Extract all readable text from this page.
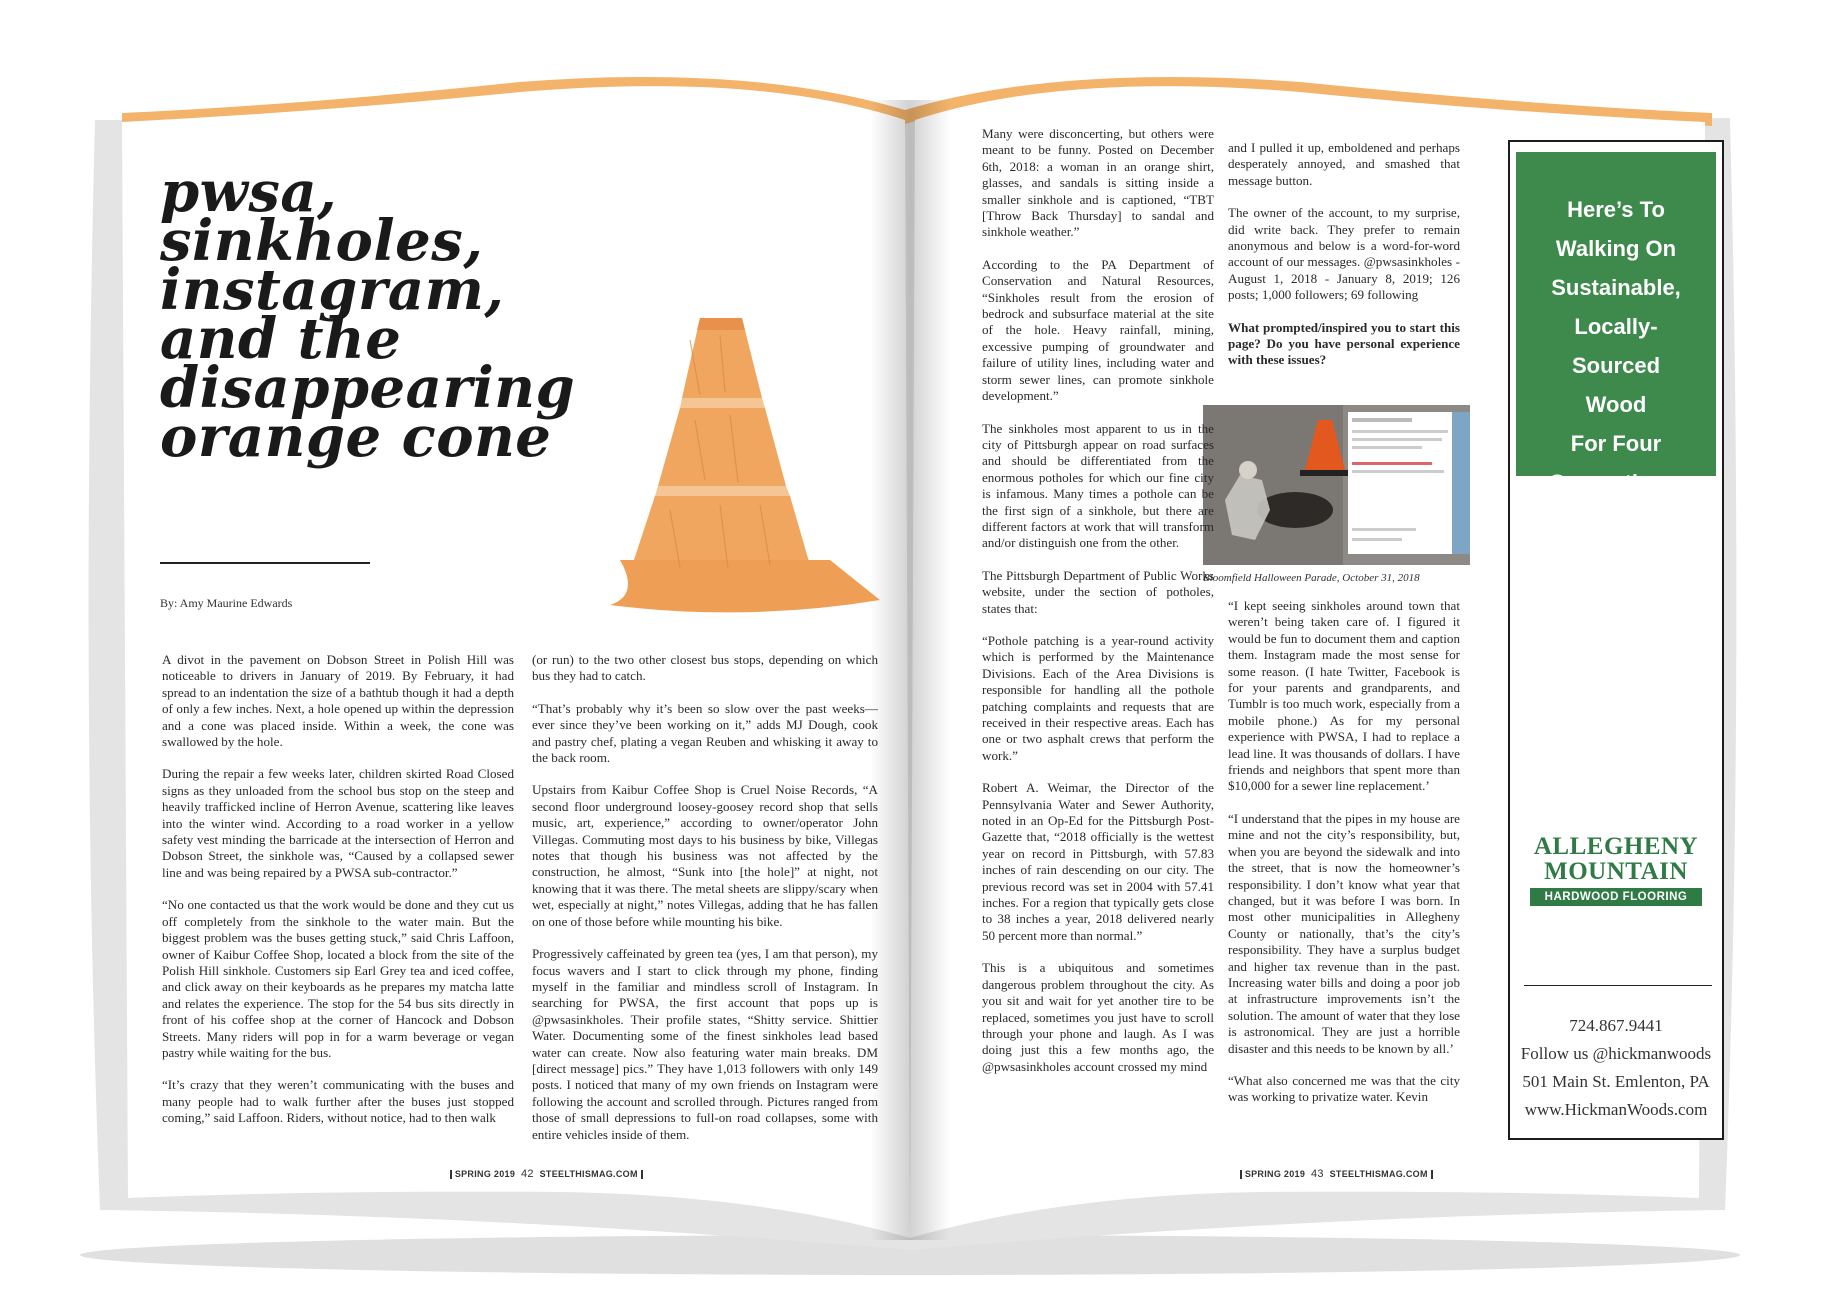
pwsa,
sinkholes,
instagram,
and the
disappearing
orange cone
By: Amy Maurine Edwards

A divot in the pavement on Dobson Street in Polish Hill was noticeable to drivers in January of 2019. By February, it had spread to an indentation the size of a bathtub though it had a depth of only a few inches. Next, a hole opened up within the depression and a cone was placed inside. Within a week, the cone was swallowed by the hole.

During the repair a few weeks later, children skirted Road Closed signs as they unloaded from the school bus stop on the steep and heavily trafficked incline of Herron Avenue, scattering like leaves into the winter wind. According to a road worker in a yellow safety vest minding the barricade at the intersection of Herron and Dobson Street, the sinkhole was, “Caused by a collapsed sewer line and was being repaired by a PWSA sub-contractor.”

“No one contacted us that the work would be done and they cut us off completely from the sinkhole to the water main. But the biggest problem was the buses getting stuck,” said Chris Laffoon, owner of Kaibur Coffee Shop, located a block from the site of the Polish Hill sinkhole. Customers sip Earl Grey tea and iced coffee, and click away on their keyboards as he prepares my matcha latte and relates the experience. The stop for the 54 bus sits directly in front of his coffee shop at the corner of Hancock and Dobson Streets. Many riders will pop in for a warm beverage or vegan pastry while waiting for the bus.

“It’s crazy that they weren’t communicating with the buses and many people had to walk further after the buses just stopped coming,” said Laffoon. Riders, without notice, had to then walk

(or run) to the two other closest bus stops, depending on which bus they had to catch.

“That’s probably why it’s been so slow over the past weeks—ever since they’ve been working on it,” adds MJ Dough, cook and pastry chef, plating a vegan Reuben and whisking it away to the back room.

Upstairs from Kaibur Coffee Shop is Cruel Noise Records, “A second floor underground loosey-goosey record shop that sells music, art, experience,” according to owner/operator John Villegas. Commuting most days to his business by bike, Villegas notes that though his business was not affected by the construction, he almost, “Sunk into [the hole]” at night, not knowing that it was there. The metal sheets are slippy/scary when wet, especially at night,” notes Villegas, adding that he has fallen on one of those before while mounting his bike.

Progressively caffeinated by green tea (yes, I am that person), my focus wavers and I start to click through my phone, finding myself in the familiar and mindless scroll of Instagram. In searching for PWSA, the first account that pops up is @pwsasinkholes. Their profile states, “Shitty service. Shittier Water. Documenting some of the finest sinkholes lead based water can create. Now also featuring water main breaks. DM [direct message] pics.” They have 1,013 followers with only 149 posts. I noticed that many of my own friends on Instagram were following the account and scrolled through. Pictures ranged from those of small depressions to full-on road collapses, some with entire vehicles inside of them.

SPRING 2019 42 STEELTHISMAG.COM

Many were disconcerting, but others were meant to be funny. Posted on December 6th, 2018: a woman in an orange shirt, glasses, and sandals is sitting inside a smaller sinkhole and is captioned, “TBT [Throw Back Thursday] to sandal and sinkhole weather.”

According to the PA Department of Conservation and Natural Resources, “Sinkholes result from the erosion of bedrock and subsurface material at the site of the hole. Heavy rainfall, mining, excessive pumping of groundwater and failure of utility lines, including water and storm sewer lines, can promote sinkhole development.”

The sinkholes most apparent to us in the city of Pittsburgh appear on road surfaces and should be differentiated from the enormous potholes for which our fine city is infamous. Many times a pothole can be the first sign of a sinkhole, but there are different factors at work that will transform and/or distinguish one from the other.

The Pittsburgh Department of Public Works website, under the section of potholes, states that:

“Pothole patching is a year-round activity which is performed by the Maintenance Divisions. Each of the Area Divisions is responsible for handling all the pothole patching complaints and requests that are received in their respective areas. Each has one or two asphalt crews that perform the work.”

Robert A. Weimar, the Director of the Pennsylvania Water and Sewer Authority, noted in an Op-Ed for the Pittsburgh Post-Gazette that, “2018 officially is the wettest year on record in Pittsburgh, with 57.83 inches of rain descending on our city. The previous record was set in 2004 with 57.41 inches. For a region that typically gets close to 38 inches a year, 2018 delivered nearly 50 percent more than normal.”

This is a ubiquitous and sometimes dangerous problem throughout the city. As you sit and wait for yet another tire to be replaced, sometimes you just have to scroll through your phone and laugh. As I was doing just this a few months ago, the @pwsasinkholes account crossed my mind

and I pulled it up, emboldened and perhaps desperately annoyed, and smashed that message button.

The owner of the account, to my surprise, did write back. They prefer to remain anonymous and below is a word-for-word account of our messages. @pwsasinkholes - August 1, 2018 - January 8, 2019; 126 posts; 1,000 followers; 69 following

What prompted/inspired you to start this page? Do you have personal experience with these issues?

Bloomfield Halloween Parade, October 31, 2018

“I kept seeing sinkholes around town that weren’t being taken care of. I figured it would be fun to document them and caption them. Instagram made the most sense for some reason. (I hate Twitter, Facebook is for your parents and grandparents, and Tumblr is too much work, especially from a mobile phone.) As for my personal experience with PWSA, I had to replace a lead line. It was thousands of dollars. I have friends and neighbors that spent more than $10,000 for a sewer line replacement.’

“I understand that the pipes in my house are mine and not the city’s responsibility, but, when you are beyond the sidewalk and into the street, that is now the homeowner’s responsibility. I don’t know what year that changed, but it was before I was born. In most other municipalities in Allegheny County or nationally, that’s the city’s responsibility. They have a surplus budget and higher tax revenue than in the past. Increasing water bills and doing a poor job at infrastructure improvements isn’t the solution. The amount of water that they lose is astronomical. They are just a horrible disaster and this needs to be known by all.’

“What also concerned me was that the city was working to privatize water. Kevin

SPRING 2019 43 STEELTHISMAG.COM
Here’s To
Walking On
Sustainable,
Locally-
Sourced
Wood
For Four
Generations.
ALLEGHENY
MOUNTAIN
HARDWOOD FLOORING
724.867.9441
Follow us @hickmanwoods
501 Main St. Emlenton, PA
www.HickmanWoods.com
